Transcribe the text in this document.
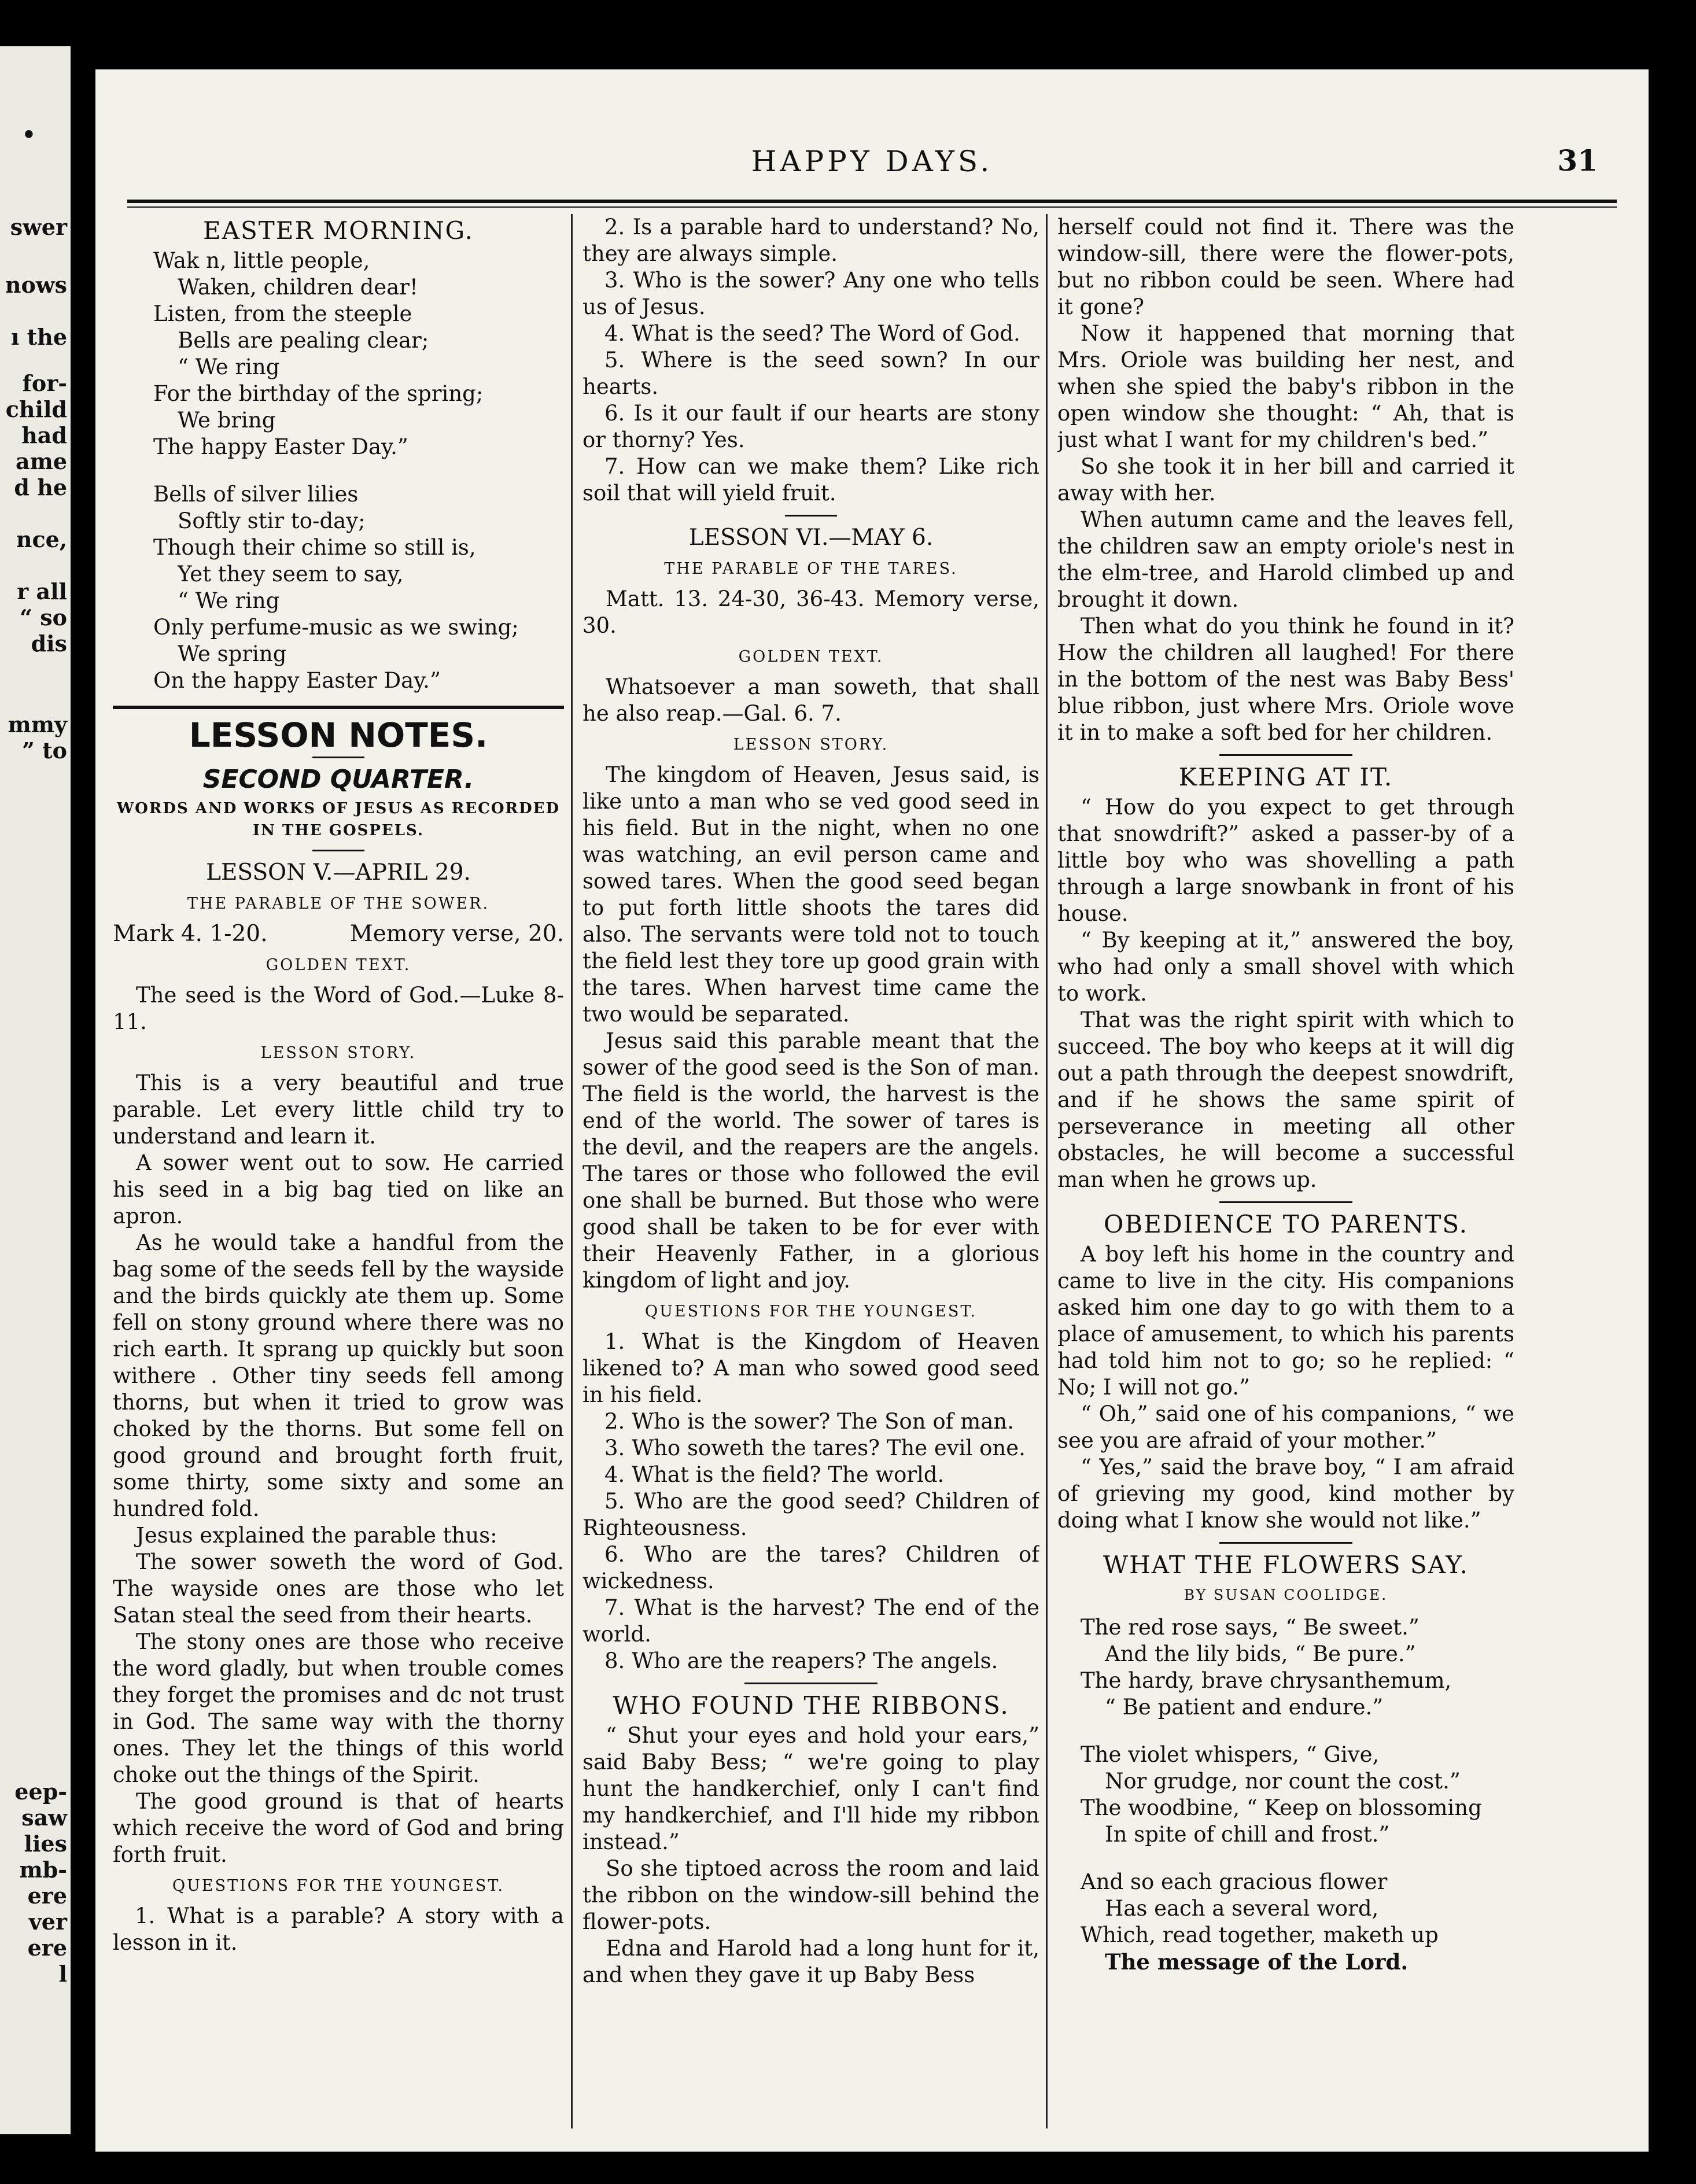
•
swer
nows
ı the
for-
child
had
ame
d he
nce,
r all
“ so
dis
mmy
” to
eep-
saw
lies
mb-
ere
ver
ere
l
HAPPY DAYS.	31
EASTER MORNING.
Wak n, little people,
Waken, children dear!
Listen, from the steeple
Bells are pealing clear;
“ We ring
For the birthday of the spring;
We bring
The happy Easter Day.”
Bells of silver lilies
Softly stir to-day;
Though their chime so still is,
Yet they seem to say,
“ We ring
Only perfume-music as we swing;
We spring
On the happy Easter Day.”
LESSON NOTES.
SECOND QUARTER.
WORDS AND WORKS OF JESUS AS RECORDED
IN THE GOSPELS.
LESSON V.—APRIL 29.
THE PARABLE OF THE SOWER.
Mark 4. 1-20.	Memory verse, 20.
GOLDEN TEXT.

The seed is the Word of God.—Luke 8-11.

LESSON STORY.

This is a very beautiful and true parable. Let every little child try to understand and learn it.

A sower went out to sow. He carried his seed in a big bag tied on like an apron.

As he would take a handful from the bag some of the seeds fell by the wayside and the birds quickly ate them up. Some fell on stony ground where there was no rich earth. It sprang up quickly but soon withere . Other tiny seeds fell among thorns, but when it tried to grow was choked by the thorns. But some fell on good ground and brought forth fruit, some thirty, some sixty and some an hundred fold.

Jesus explained the parable thus:

The sower soweth the word of God. The wayside ones are those who let Satan steal the seed from their hearts.

The stony ones are those who receive the word gladly, but when trouble comes they forget the promises and dc not trust in God. The same way with the thorny ones. They let the things of this world choke out the things of the Spirit.

The good ground is that of hearts which receive the word of God and bring forth fruit.

QUESTIONS FOR THE YOUNGEST.

1. What is a parable? A story with a lesson in it.

2. Is a parable hard to understand? No, they are always simple.

3. Who is the sower? Any one who tells us of Jesus.

4. What is the seed? The Word of God.

5. Where is the seed sown? In our hearts.

6. Is it our fault if our hearts are stony or thorny? Yes.

7. How can we make them? Like rich soil that will yield fruit.

LESSON VI.—MAY 6.
THE PARABLE OF THE TARES.

Matt. 13. 24-30, 36-43. Memory verse, 30.

GOLDEN TEXT.

Whatsoever a man soweth, that shall he also reap.—Gal. 6. 7.

LESSON STORY.

The kingdom of Heaven, Jesus said, is like unto a man who se ved good seed in his field. But in the night, when no one was watching, an evil person came and sowed tares. When the good seed began to put forth little shoots the tares did also. The servants were told not to touch the field lest they tore up good grain with the tares. When harvest time came the two would be separated.

Jesus said this parable meant that the sower of the good seed is the Son of man. The field is the world, the harvest is the end of the world. The sower of tares is the devil, and the reapers are the angels. The tares or those who followed the evil one shall be burned. But those who were good shall be taken to be for ever with their Heavenly Father, in a glorious kingdom of light and joy.

QUESTIONS FOR THE YOUNGEST.

1. What is the Kingdom of Heaven likened to? A man who sowed good seed in his field.

2. Who is the sower? The Son of man.

3. Who soweth the tares? The evil one.

4. What is the field? The world.

5. Who are the good seed? Children of Righteousness.

6. Who are the tares? Children of wickedness.

7. What is the harvest? The end of the world.

8. Who are the reapers? The angels.

WHO FOUND THE RIBBONS.

“ Shut your eyes and hold your ears,” said Baby Bess; “ we're going to play hunt the handkerchief, only I can't find my handkerchief, and I'll hide my ribbon instead.”

So she tiptoed across the room and laid the ribbon on the window-sill behind the flower-pots.

Edna and Harold had a long hunt for it, and when they gave it up Baby Bess

herself could not find it. There was the window-sill, there were the flower-pots, but no ribbon could be seen. Where had it gone?

Now it happened that morning that Mrs. Oriole was building her nest, and when she spied the baby's ribbon in the open window she thought: “ Ah, that is just what I want for my children's bed.”

So she took it in her bill and carried it away with her.

When autumn came and the leaves fell, the children saw an empty oriole's nest in the elm-tree, and Harold climbed up and brought it down.

Then what do you think he found in it? How the children all laughed! For there in the bottom of the nest was Baby Bess' blue ribbon, just where Mrs. Oriole wove it in to make a soft bed for her children.

KEEPING AT IT.

“ How do you expect to get through that snowdrift?” asked a passer-by of a little boy who was shovelling a path through a large snowbank in front of his house.

“ By keeping at it,” answered the boy, who had only a small shovel with which to work.

That was the right spirit with which to succeed. The boy who keeps at it will dig out a path through the deepest snowdrift, and if he shows the same spirit of perseverance in meeting all other obstacles, he will become a successful man when he grows up.

OBEDIENCE TO PARENTS.

A boy left his home in the country and came to live in the city. His companions asked him one day to go with them to a place of amusement, to which his parents had told him not to go; so he replied: “ No; I will not go.”

“ Oh,” said one of his companions, “ we see you are afraid of your mother.”

“ Yes,” said the brave boy, “ I am afraid of grieving my good, kind mother by doing what I know she would not like.”

WHAT THE FLOWERS SAY.
BY SUSAN COOLIDGE.
The red rose says, “ Be sweet.”
And the lily bids, “ Be pure.”
The hardy, brave chrysanthemum,
“ Be patient and endure.”
The violet whispers, “ Give,
Nor grudge, nor count the cost.”
The woodbine, “ Keep on blossoming
In spite of chill and frost.”
And so each gracious flower
Has each a several word,
Which, read together, maketh up
The message of the Lord.
